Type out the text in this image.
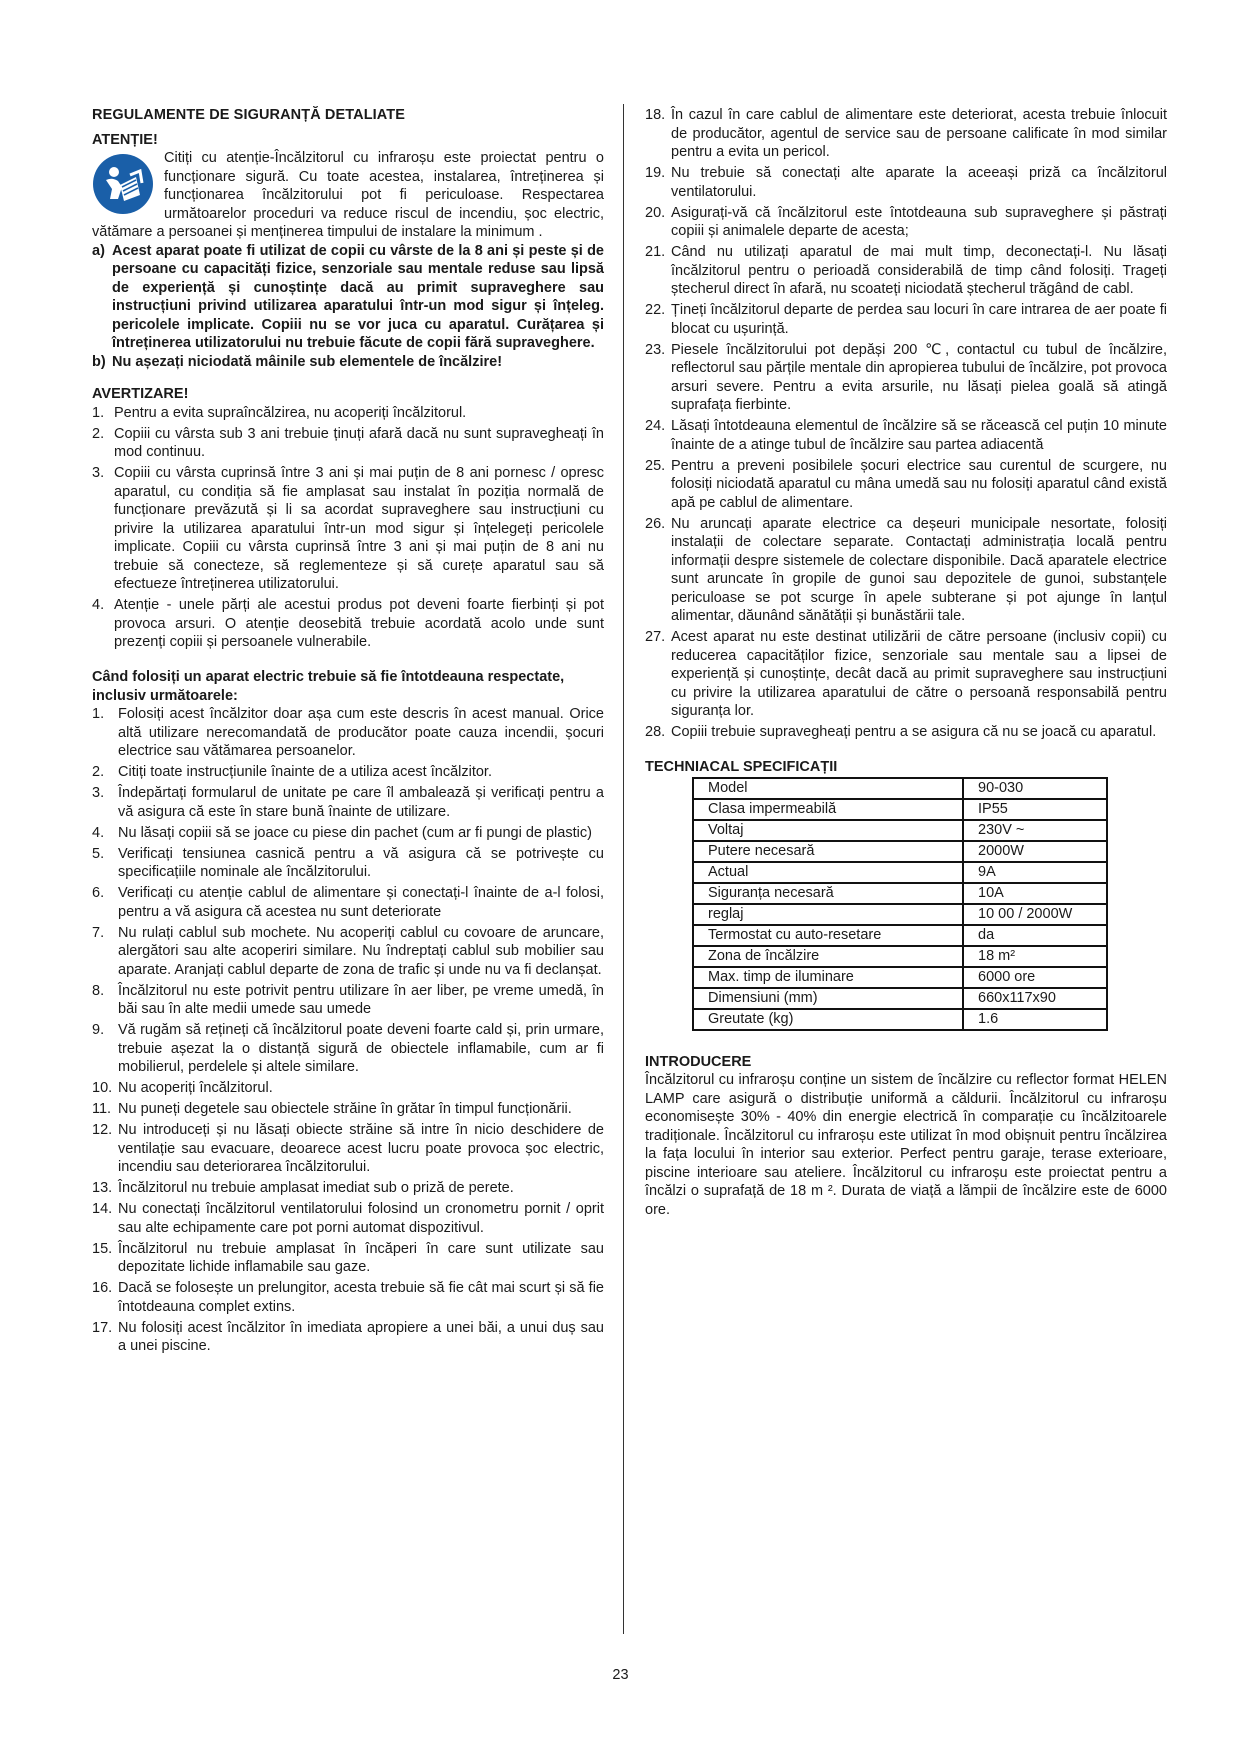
REGULAMENTE DE SIGURANȚĂ DETALIATE
ATENȚIE!

Citiți cu atenție-Încălzitorul cu infraroșu este proiectat pentru o funcționare sigură. Cu toate acestea, instalarea, întreținerea și funcționarea încălzitorului pot fi periculoase. Respectarea următoarelor proceduri va reduce riscul de incendiu, șoc electric, vătămare a persoanei și menținerea timpului de instalare la minimum .

a) Acest aparat poate fi utilizat de copii cu vârste de la 8 ani și peste și de persoane cu capacități fizice, senzoriale sau mentale reduse sau lipsă de experiență și cunoștințe dacă au primit supraveghere sau instrucțiuni privind utilizarea aparatului într-un mod sigur și înțeleg. pericolele implicate. Copiii nu se vor juca cu aparatul. Curățarea și întreținerea utilizatorului nu trebuie făcute de copii fără supraveghere.
b) Nu așezați niciodată mâinile sub elementele de încălzire!
AVERTIZARE!
1. Pentru a evita supraîncălzirea, nu acoperiți încălzitorul.
2. Copiii cu vârsta sub 3 ani trebuie ținuți afară dacă nu sunt supravegheați în mod continuu.
3. Copiii cu vârsta cuprinsă între 3 ani și mai puțin de 8 ani pornesc / opresc aparatul, cu condiția să fie amplasat sau instalat în poziția normală de funcționare prevăzută și li sa acordat supraveghere sau instrucțiuni cu privire la utilizarea aparatului într-un mod sigur și înțelegeți pericolele implicate. Copiii cu vârsta cuprinsă între 3 ani și mai puțin de 8 ani nu trebuie să conecteze, să reglementeze și să curețe aparatul sau să efectueze întreținerea utilizatorului.
4. Atenție - unele părți ale acestui produs pot deveni foarte fierbinți și pot provoca arsuri. O atenție deosebită trebuie acordată acolo unde sunt prezenți copiii și persoanele vulnerabile.
Când folosiți un aparat electric trebuie să fie întotdeauna respectate, inclusiv următoarele:
1. Folosiți acest încălzitor doar așa cum este descris în acest manual. Orice altă utilizare nerecomandată de producător poate cauza incendii, șocuri electrice sau vătămarea persoanelor.
2. Citiți toate instrucțiunile înainte de a utiliza acest încălzitor.
3. Îndepărtați formularul de unitate pe care îl ambalează și verificați pentru a vă asigura că este în stare bună înainte de utilizare.
4. Nu lăsați copiii să se joace cu piese din pachet (cum ar fi pungi de plastic)
5. Verificați tensiunea casnică pentru a vă asigura că se potrivește cu specificațiile nominale ale încălzitorului.
6. Verificați cu atenție cablul de alimentare și conectați-l înainte de a-l folosi, pentru a vă asigura că acestea nu sunt deteriorate
7. Nu rulați cablul sub mochete. Nu acoperiți cablul cu covoare de aruncare, alergători sau alte acoperiri similare. Nu îndreptați cablul sub mobilier sau aparate. Aranjați cablul departe de zona de trafic și unde nu va fi declanșat.
8. Încălzitorul nu este potrivit pentru utilizare în aer liber, pe vreme umedă, în băi sau în alte medii umede sau umede
9. Vă rugăm să rețineți că încălzitorul poate deveni foarte cald și, prin urmare, trebuie așezat la o distanță sigură de obiectele inflamabile, cum ar fi mobilierul, perdelele și altele similare.
10. Nu acoperiți încălzitorul.
11. Nu puneți degetele sau obiectele străine în grătar în timpul funcționării.
12. Nu introduceți și nu lăsați obiecte străine să intre în nicio deschidere de ventilație sau evacuare, deoarece acest lucru poate provoca șoc electric, incendiu sau deteriorarea încălzitorului.
13. Încălzitorul nu trebuie amplasat imediat sub o priză de perete.
14. Nu conectați încălzitorul ventilatorului folosind un cronometru pornit / oprit sau alte echipamente care pot porni automat dispozitivul.
15. Încălzitorul nu trebuie amplasat în încăperi în care sunt utilizate sau depozitate lichide inflamabile sau gaze.
16. Dacă se folosește un prelungitor, acesta trebuie să fie cât mai scurt și să fie întotdeauna complet extins.
17. Nu folosiți acest încălzitor în imediata apropiere a unei băi, a unui duș sau a unei piscine.
18. În cazul în care cablul de alimentare este deteriorat, acesta trebuie înlocuit de producător, agentul de service sau de persoane calificate în mod similar pentru a evita un pericol.
19. Nu trebuie să conectați alte aparate la aceeași priză ca încălzitorul ventilatorului.
20. Asigurați-vă că încălzitorul este întotdeauna sub supraveghere și păstrați copiii și animalele departe de acesta;
21. Când nu utilizați aparatul de mai mult timp, deconectați-l. Nu lăsați încălzitorul pentru o perioadă considerabilă de timp când folosiți. Trageți ștecherul direct în afară, nu scoateți niciodată ștecherul trăgând de cabl.
22. Țineți încălzitorul departe de perdea sau locuri în care intrarea de aer poate fi blocat cu ușurință.
23. Piesele încălzitorului pot depăși 200 ℃, contactul cu tubul de încălzire, reflectorul sau părțile mentale din apropierea tubului de încălzire, pot provoca arsuri severe. Pentru a evita arsurile, nu lăsați pielea goală să atingă suprafața fierbinte.
24. Lăsați întotdeauna elementul de încălzire să se răcească cel puțin 10 minute înainte de a atinge tubul de încălzire sau partea adiacentă
25. Pentru a preveni posibilele șocuri electrice sau curentul de scurgere, nu folosiți niciodată aparatul cu mâna umedă sau nu folosiți aparatul când există apă pe cablul de alimentare.
26. Nu aruncați aparate electrice ca deșeuri municipale nesortate, folosiți instalații de colectare separate. Contactați administrația locală pentru informații despre sistemele de colectare disponibile. Dacă aparatele electrice sunt aruncate în gropile de gunoi sau depozitele de gunoi, substanțele periculoase se pot scurge în apele subterane și pot ajunge în lanțul alimentar, dăunând sănătății și bunăstării tale.
27. Acest aparat nu este destinat utilizării de către persoane (inclusiv copii) cu reducerea capacităților fizice, senzoriale sau mentale sau a lipsei de experiență și cunoștințe, decât dacă au primit supraveghere sau instrucțiuni cu privire la utilizarea aparatului de către o persoană responsabilă pentru siguranța lor.
28. Copiii trebuie supravegheați pentru a se asigura că nu se joacă cu aparatul.
TECHNIACAL SPECIFICAȚII
Model	90-030
Clasa impermeabilă	IP55
Voltaj	230V ~
Putere necesară	2000W
Actual	9A
Siguranța necesară	10A
reglaj	10 00 / 2000W
Termostat cu auto-resetare	da
Zona de încălzire	18 m²
Max. timp de iluminare	6000 ore
Dimensiuni (mm)	660x117x90
Greutate (kg)	1.6
INTRODUCERE

Încălzitorul cu infraroșu conține un sistem de încălzire cu reflector format HELEN LAMP care asigură o distribuție uniformă a căldurii. Încălzitorul cu infraroșu economisește 30% - 40% din energie electrică în comparație cu încălzitoarele tradiționale. Încălzitorul cu infraroșu este utilizat în mod obișnuit pentru încălzirea la fața locului în interior sau exterior. Perfect pentru garaje, terase exterioare, piscine interioare sau ateliere. Încălzitorul cu infraroșu este proiectat pentru a încălzi o suprafață de 18 m ². Durata de viață a lămpii de încălzire este de 6000 ore.

23
